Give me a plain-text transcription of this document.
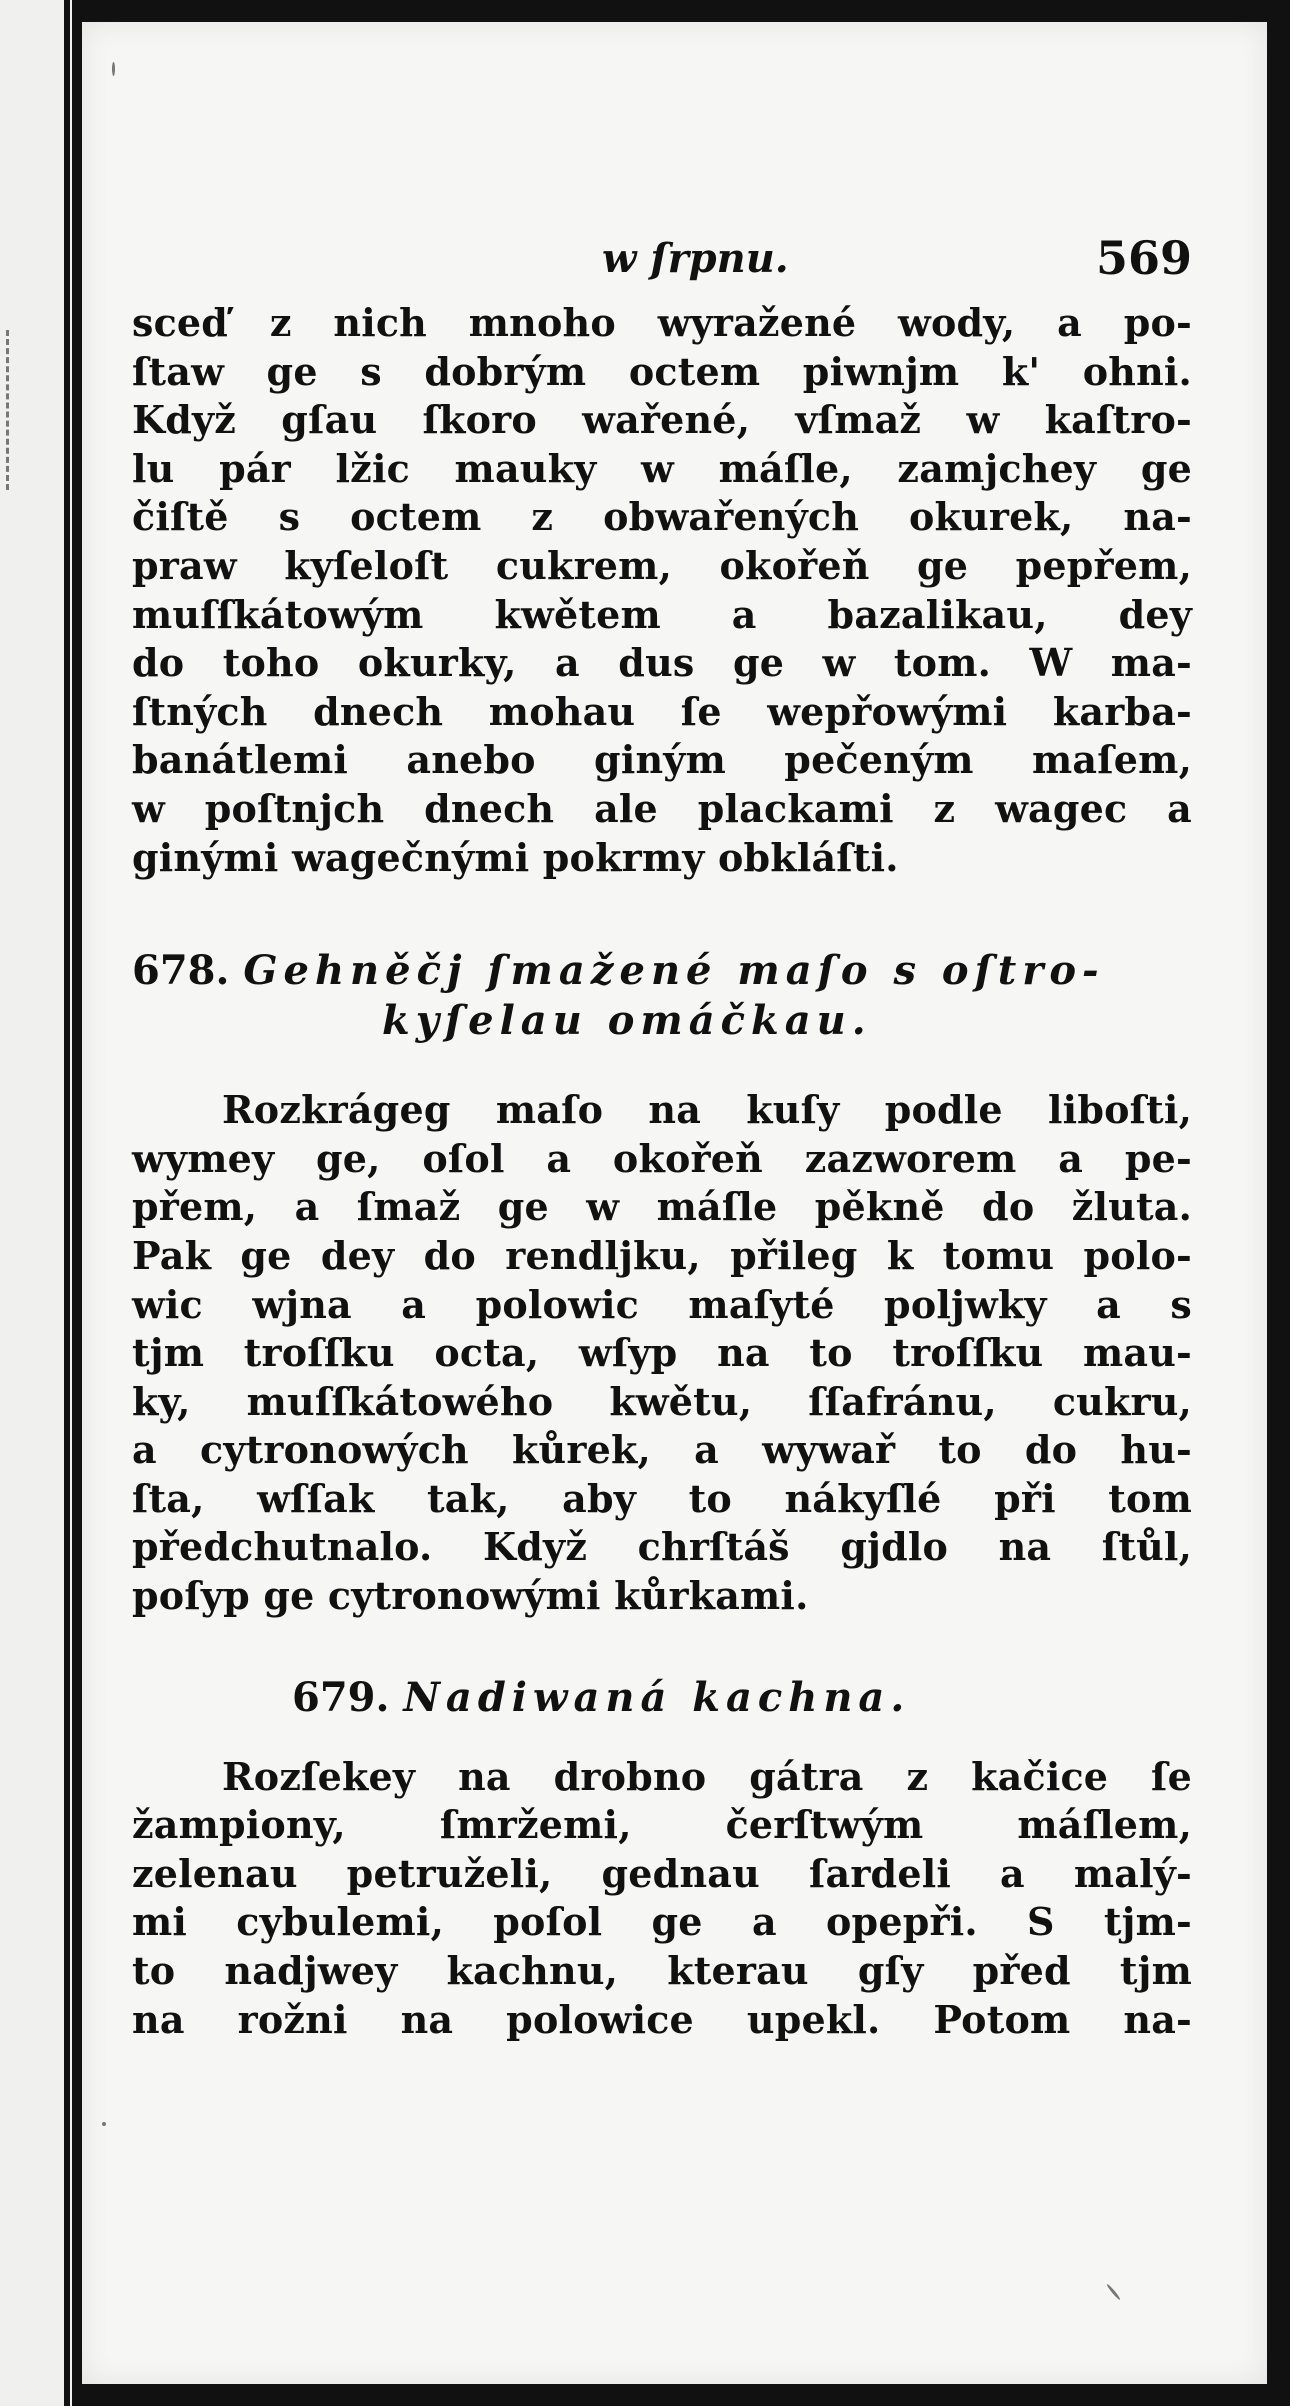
w ſrpnu.	569
sceď z nich mnoho wyražené wody, a po-
ſtaw ge s dobrým octem piwnjm k' ohni.
Když gſau ſkoro wařené, vſmaž w kaſtro-
lu pár lžic mauky w máſle, zamjchey ge
čiſtě s octem z obwařených okurek, na-
praw kyſeloſt cukrem, okořeň ge pepřem,
muſſkátowým kwětem a bazalikau, dey
do toho okurky, a dus ge w tom. W ma-
ſtných dnech mohau ſe wepřowými karba-
banátlemi anebo giným pečeným maſem,
w poſtnjch dnech ale plackami z wagec a
ginými wagečnými pokrmy obkláſti.
678. Gehněčj ſmažené maſo s oſtro-
kyſelau omáčkau.
Rozkrágeg maſo na kuſy podle liboſti,
wymey ge, oſol a okořeň zazworem a pe-
přem, a ſmaž ge w máſle pěkně do žluta.
Pak ge dey do rendljku, přileg k tomu polo-
wic wjna a polowic maſyté poljwky a s
tjm troſſku octa, wſyp na to troſſku mau-
ky, muſſkátowého kwětu, ſſafránu, cukru,
a cytronowých kůrek, a wywař to do hu-
ſta, wſſak tak, aby to nákyſlé při tom
předchutnalo. Když chrſtáš gjdlo na ſtůl,
poſyp ge cytronowými kůrkami.
679. Nadiwaná kachna.
Rozſekey na drobno gátra z kačice ſe
žampiony, ſmržemi, čerſtwým máſlem,
zelenau petruželi, gednau ſardeli a malý-
mi cybulemi, poſol ge a opepři. S tjm-
to nadjwey kachnu, kterau gſy před tjm
na rožni na polowice upekl. Potom na-
